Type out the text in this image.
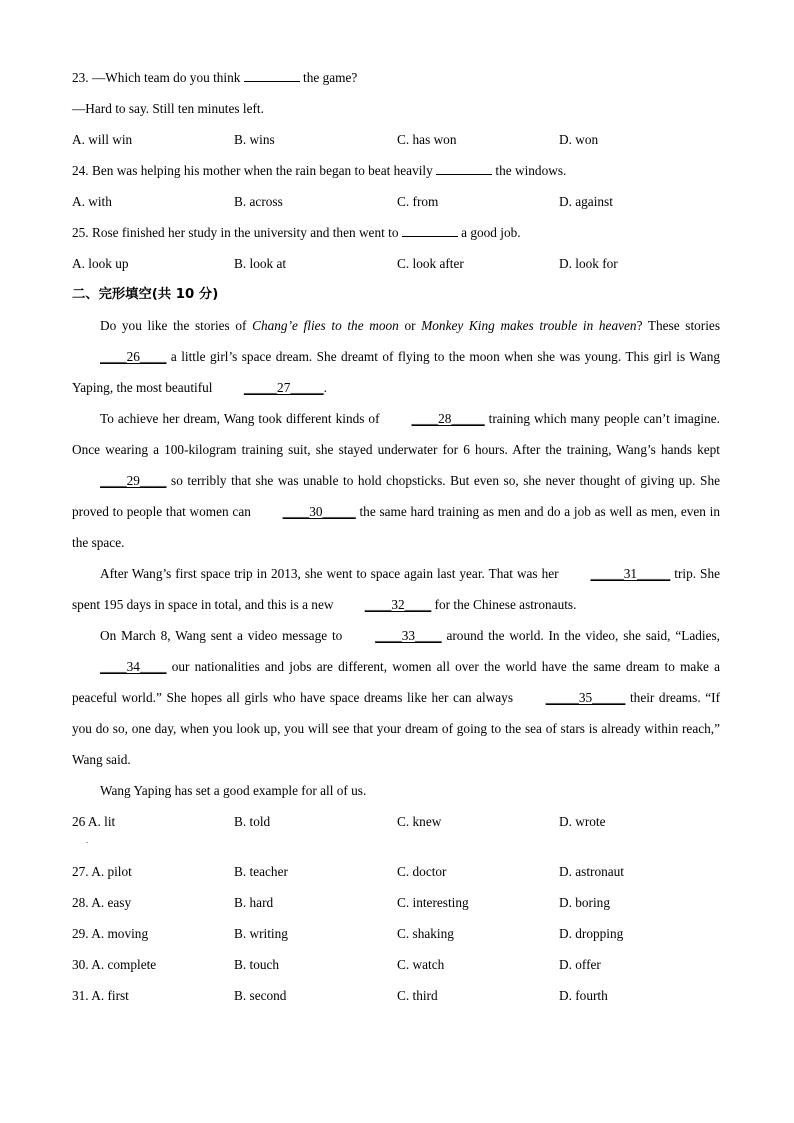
23. —Which team do you think	the game?
—Hard to say. Still ten minutes left.
A. will win	B. wins	C. has won	D. won
24. Ben was helping his mother when the rain began to beat heavily	the windows.
A. with	B. across	C. from	D. against
25. Rose finished her study in the university and then went to	a good job.
A. look up	B. look at	C. look after	D. look for
二、完形填空(共 10 分)
Do you like the stories of Chang’e flies to the moon or Monkey King makes trouble in heaven? These stories ____26____ a little girl’s space dream. She dreamt of flying to the moon when she was young. This girl is Wang Yaping, the most beautiful _____27_____.
To achieve her dream, Wang took different kinds of ____28_____ training which many people can’t imagine. Once wearing a 100-kilogram training suit, she stayed underwater for 6 hours. After the training, Wang’s hands kept ____29____ so terribly that she was unable to hold chopsticks. But even so, she never thought of giving up. She proved to people that women can ____30_____ the same hard training as men and do a job as well as men, even in the space.
After Wang’s first space trip in 2013, she went to space again last year. That was her _____31_____ trip. She spent 195 days in space in total, and this is a new ____32____ for the Chinese astronauts.
On March 8, Wang sent a video message to ____33____ around the world. In the video, she said, “Ladies, ____34____ our nationalities and jobs are different, women all over the world have the same dream to make a peaceful world.” She hopes all girls who have space dreams like her can always _____35_____ their dreams. “If you do so, one day, when you look up, you will see that your dream of going to the sea of stars is already within reach,” Wang said.
Wang Yaping has set a good example for all of us.
26 A. lit	B. told	C. knew	D. wrote
.
27. A. pilot	B. teacher	C. doctor	D. astronaut
28. A. easy	B. hard	C. interesting	D. boring
29. A. moving	B. writing	C. shaking	D. dropping
30. A. complete	B. touch	C. watch	D. offer
31. A. first	B. second	C. third	D. fourth
